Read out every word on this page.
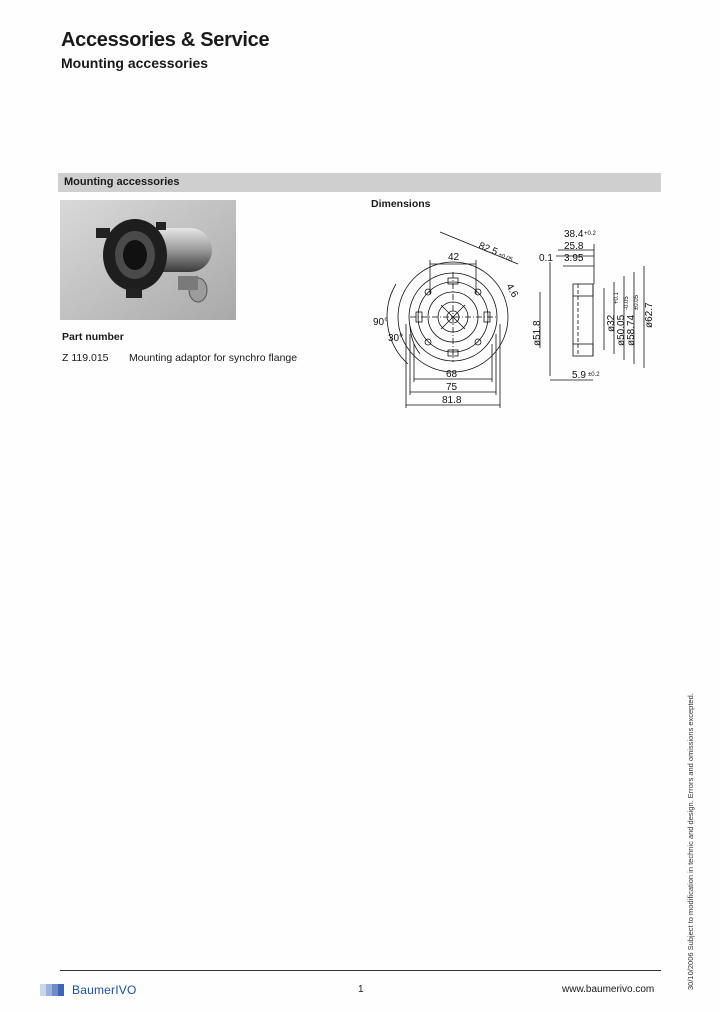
Accessories & Service
Mounting accessories
Mounting accessories
Dimensions
Part number
Z 119.015 Mounting adaptor for synchro flange
42 82.5
±0.05
4.6
90°
30°
68
75
81.8
38.4 +0.2
25.8
0.1 3.95
ø51.8	ø32
+0.1
ø50.05
-0.05
ø58.74
±0.05 ø62.7
5.9 ±0.2
30/10/2006 Subject to modification in technic and design. Errors and omissions excepted.
BaumerIVO	1	www.baumerivo.com
